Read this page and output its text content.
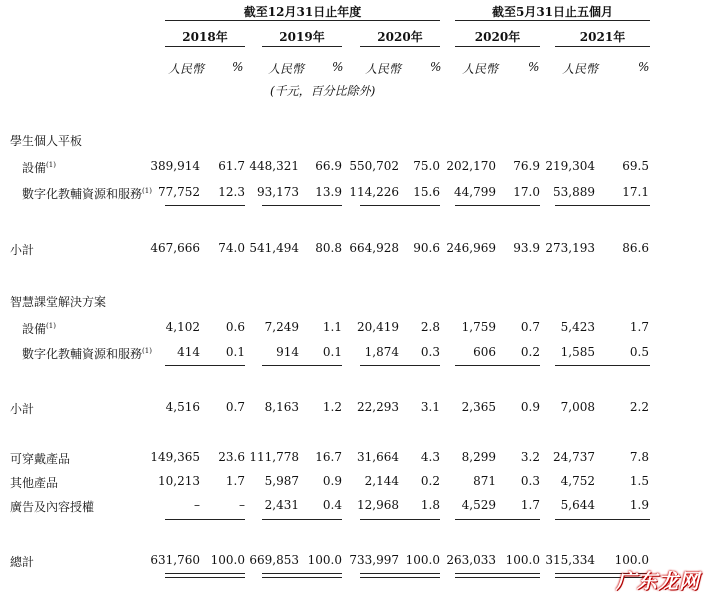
截至12月31日止年度	截至5月31日止五個月
2018年	2019年	2020年	2020年	2021年
人民幣 % 人民幣 % 人民幣 % 人民幣 % 人民幣	%
(千元，百分比除外)
學生個人平板
設備$^{(1)}$	389,914	61.7 448,321	66.9 550,702	75.0 202,170	76.9 219,304	69.5
數字化教輔資源和服務$^{(1)}$ 77,752	12.3	93,173	13.9 114,226	15.6	44,799	17.0	53,889	17.1
小計	467,666	74.0 541,494	80.8 664,928	90.6 246,969	93.9 273,193	86.6
智慧課堂解決方案
設備$^{(1)}$	4,102	0.6	7,249	1.1	20,419	2.8	1,759	0.7	5,423	1.7
數字化教輔資源和服務$^{(1)}$	414	0.1	914	0.1	1,874	0.3	606	0.2	1,585	0.5
小計	4,516	0.7	8,163	1.2	22,293	3.1	2,365	0.9	7,008	2.2
可穿戴產品	149,365	23.6 111,778	16.7	31,664	4.3	8,299	3.2	24,737	7.8
其他產品	10,213	1.7	5,987	0.9	2,144	0.2	871	0.3	4,752	1.5
廣告及內容授權	–	–	2,431	0.4	12,968	1.8	4,529	1.7	5,644	1.9
總計	631,760 100.0 669,853 100.0 733,997 100.0 263,033 100.0 315,334	100.0
广东龙网
